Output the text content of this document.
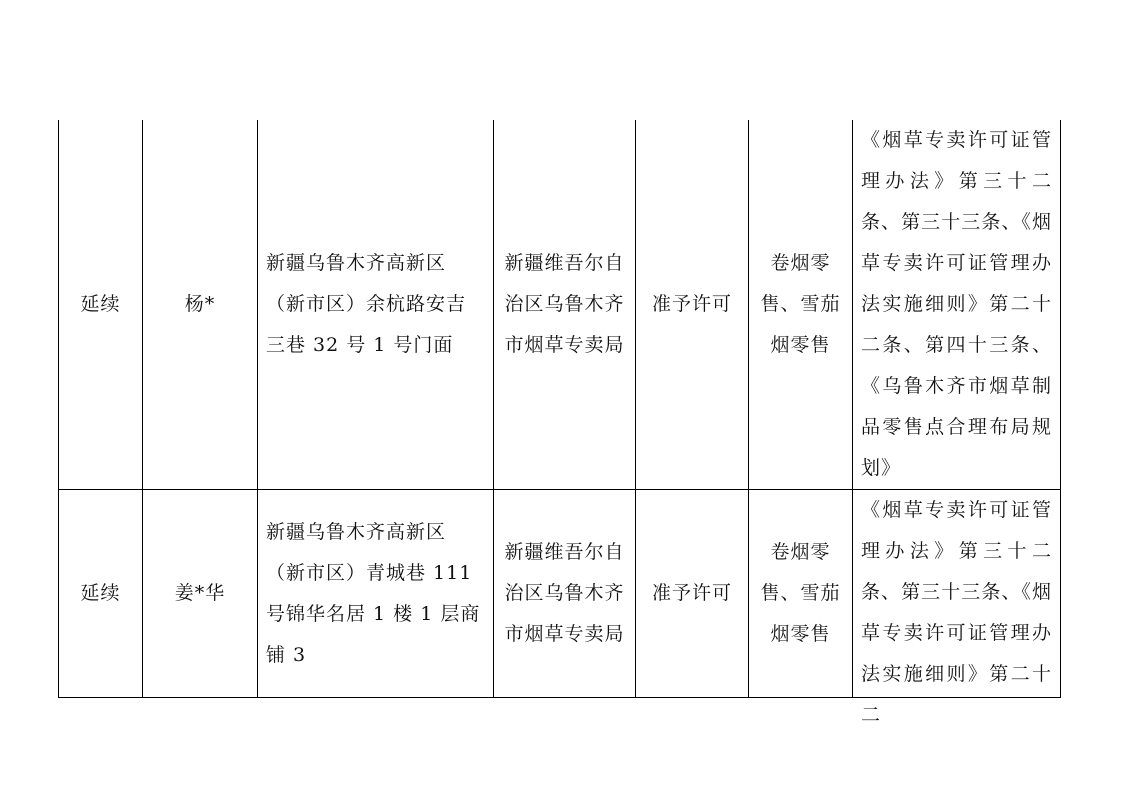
延续	杨*	新疆乌鲁木齐高新区（新市区）余杭路安吉三巷 32 号 1 号门面	新疆维吾尔自治区乌鲁木齐市烟草专卖局	准予许可	卷烟零售、雪茄烟零售	《烟草专卖许可证管理办法》第三十二条、第三十三条、《烟草专卖许可证管理办法实施细则》第二十二条、第四十三条、《乌鲁木齐市烟草制品零售点合理布局规划》

延续	姜*华	新疆乌鲁木齐高新区（新市区）青城巷 111 号锦华名居 1 楼 1 层商铺 3	新疆维吾尔自治区乌鲁木齐市烟草专卖局	准予许可	卷烟零售、雪茄烟零售	《烟草专卖许可证管理办法》第三十二条、第三十三条、《烟草专卖许可证管理办法实施细则》第二十二
